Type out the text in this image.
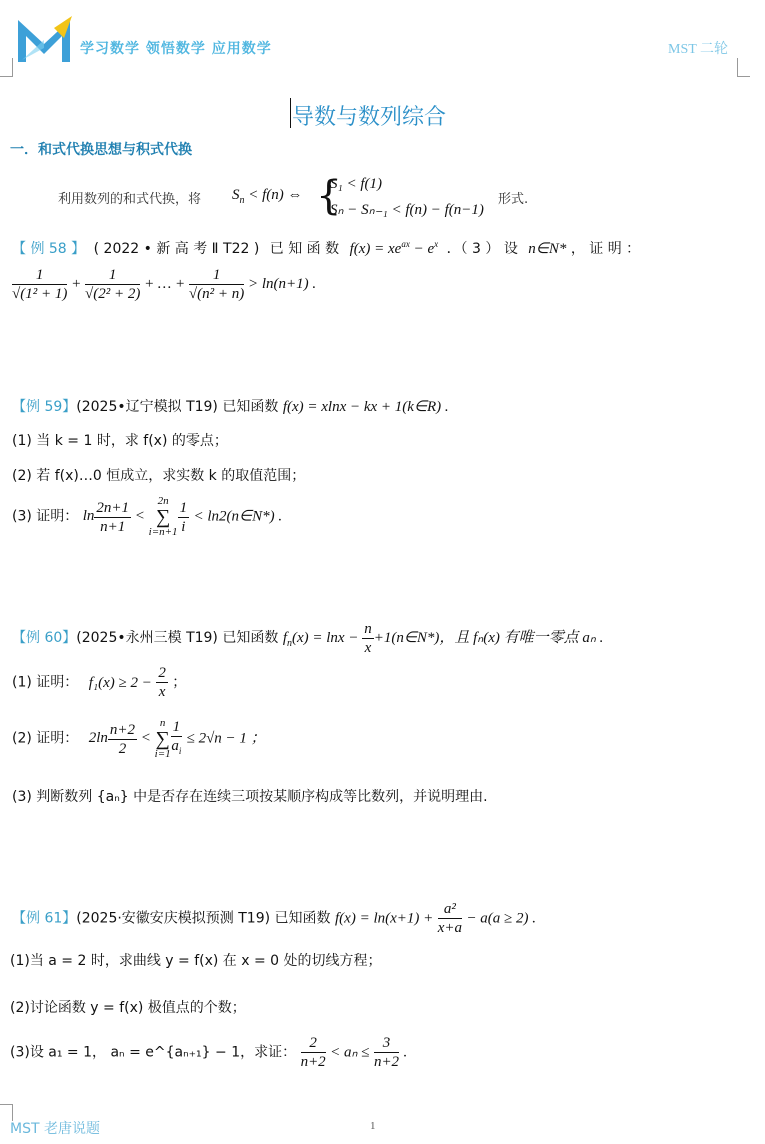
学习数学 领悟数学 应用数学	MST 二轮
导数与数列综合
一．和式代换思想与积式代换
利用数列的和式代换，将 $S_n < f(n)$ ⇔ {
S₁ < f(1)
Sₙ − Sₙ₋₁ < f(n) − f(n−1)
形式.
【 例 58 】 ( 2022 • 新 高 考 Ⅱ T22 ) 已 知 函 数 $f(x) = xe^{ax} - e^x$ ．（ 3 ） 设 n∈N* ， 证 明 ：
$\frac{1}{\text{√(1² + 1)}} + \frac{1}{\text{√(2² + 2)}}$ + … + $\frac{1}{\text{√(n² + n)}} > \ln(n+1)$ .
【例 59】(2025•辽宁模拟 T19) 已知函数 f(x) = xlnx − kx + 1(k∈R) .
(1) 当 k = 1 时，求 f(x) 的零点；
(2) 若 f(x)…0 恒成立，求实数 k 的取值范围；
(3) 证明： $\ln \frac{2n+1}{n+1} < 2n$
∑
$i=n+1 \frac{1}{i}$ < ln2(n∈N*) .
【例 60】(2025•永州三模 T19) 已知函数 $f_n(x) = \ln x - \frac{n}{x}$ +1(n∈N*)，且 fₙ(x) 有唯一零点 aₙ .
(1) 证明： $f_1(x) \ge 2 - \frac{2}{x}$ ；
(2) 证明： $2\ln \frac{n+2}{2} < n$
∑
$i=1 \frac{1}{a_i} \le 2√n - 1$ ；
(3) 判断数列 {aₙ} 中是否存在连续三项按某顺序构成等比数列，并说明理由.
【例 61】(2025·安徽安庆模拟预测 T19) 已知函数 $f(x) = \ln(x+1) + \frac{\text{a²}}{x+a} - a(a \ge 2)$ .
(1)当 a = 2 时，求曲线 y = f(x) 在 x = 0 处的切线方程；
(2)讨论函数 y = f(x) 极值点的个数；
(3)设 a₁ = 1， aₙ = e^{aₙ₊₁} − 1，求证： $\frac{2}{n+2} < a_n \le \frac{3}{n+2}$ .
MST 老唐说题	1
